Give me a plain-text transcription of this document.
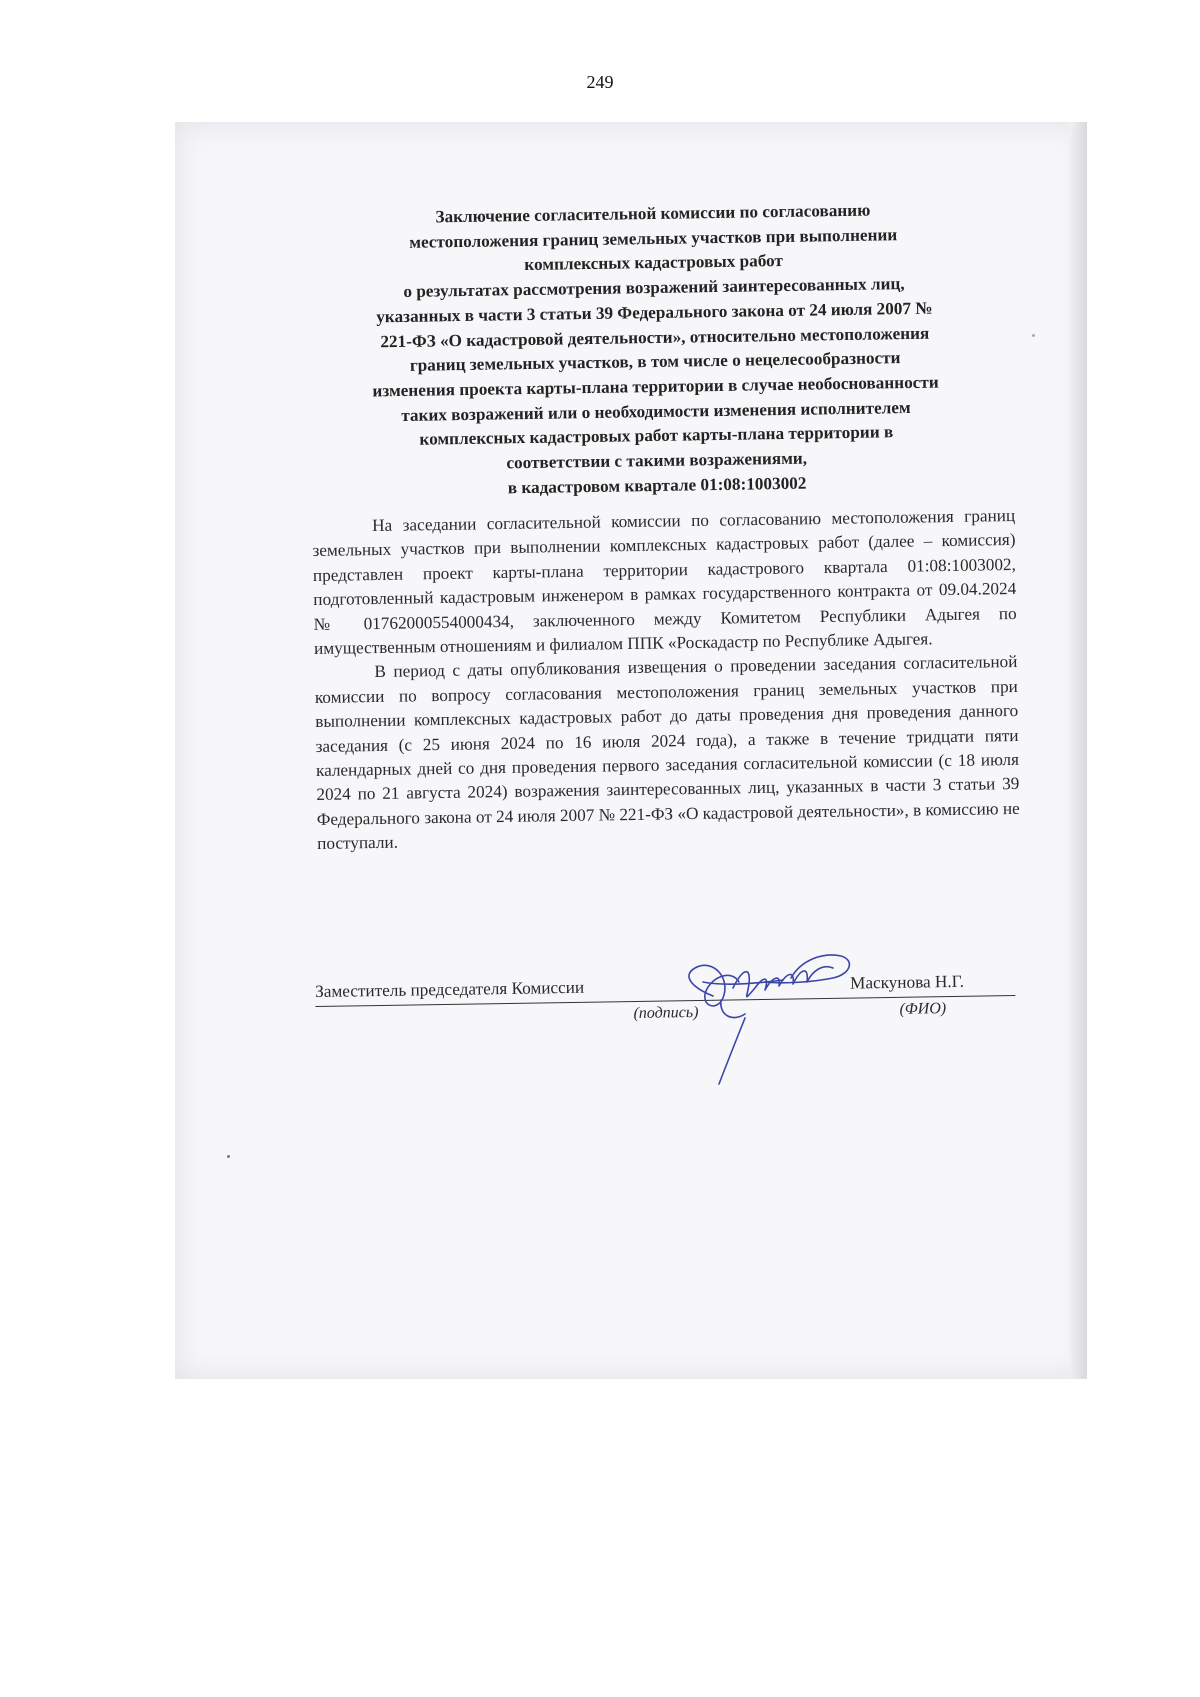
249
Заключение согласительной комиссии по согласованию
местоположения границ земельных участков при выполнении
комплексных кадастровых работ
о результатах рассмотрения возражений заинтересованных лиц,
указанных в части 3 статьи 39 Федерального закона от 24 июля 2007 №
221-ФЗ «О кадастровой деятельности», относительно местоположения
границ земельных участков, в том числе о нецелесообразности
изменения проекта карты-плана территории в случае необоснованности
таких возражений или о необходимости изменения исполнителем
комплексных кадастровых работ карты-плана территории в
соответствии с такими возражениями,
в кадастровом квартале 01:08:1003002

На заседании согласительной комиссии по согласованию местоположения границ земельных участков при выполнении комплексных кадастровых работ (далее – комиссия) представлен проект карты-плана территории кадастрового квартала 01:08:1003002, подготовленный кадастровым инженером в рамках государственного контракта от 09.04.2024 № 01762000554000434, заключенного между Комитетом Республики Адыгея по имущественным отношениям и филиалом ППК «Роскадастр по Республике Адыгея.

В период с даты опубликования извещения о проведении заседания согласительной комиссии по вопросу согласования местоположения границ земельных участков при выполнении комплексных кадастровых работ до даты проведения дня проведения данного заседания (с 25 июня 2024 по 16 июля 2024 года), а также в течение тридцати пяти календарных дней со дня проведения первого заседания согласительной комиссии (с 18 июля 2024 по 21 августа 2024) возражения заинтересованных лиц, указанных в части 3 статьи 39 Федерального закона от 24 июля 2007 № 221-ФЗ «О кадастровой деятельности», в комиссию не поступали.

Заместитель председателя Комиссии	Маскунова Н.Г.
(подпись)	(ФИО)
